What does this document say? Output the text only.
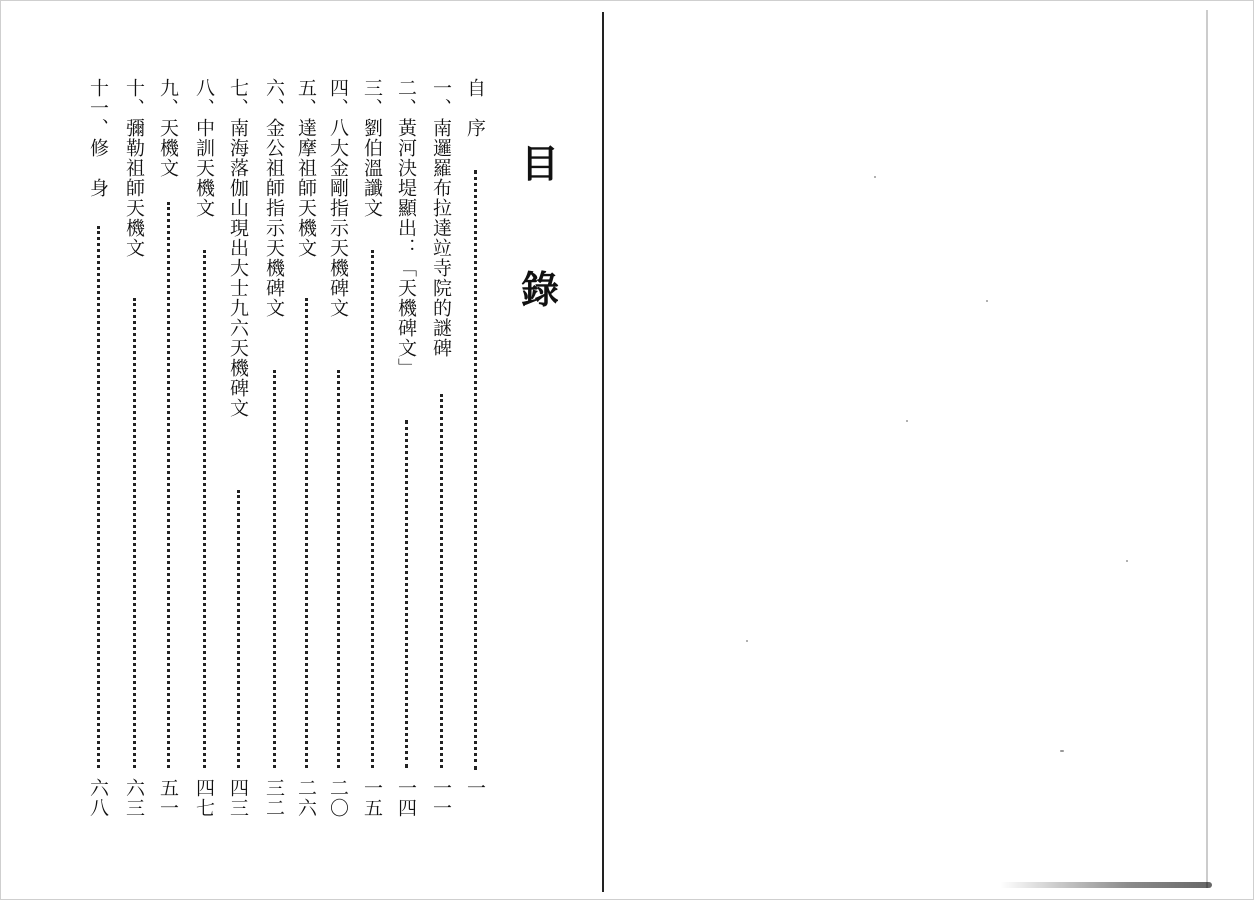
目
錄
自　序
一
一、南邏羅布拉達竝寺院的謎碑
一一
二、黃河決堤顯出：「天機碑文」
一四
三、劉伯溫讖文
一五
四、八大金剛指示天機碑文
二〇
五、達摩祖師天機文
二六
六、金公祖師指示天機碑文
三二
七、南海落伽山現出大士九六天機碑文
四三
八、中訓天機文
四七
九、天機文
五一
十、彌勒祖師天機文
六三
十一、修　身
六八
